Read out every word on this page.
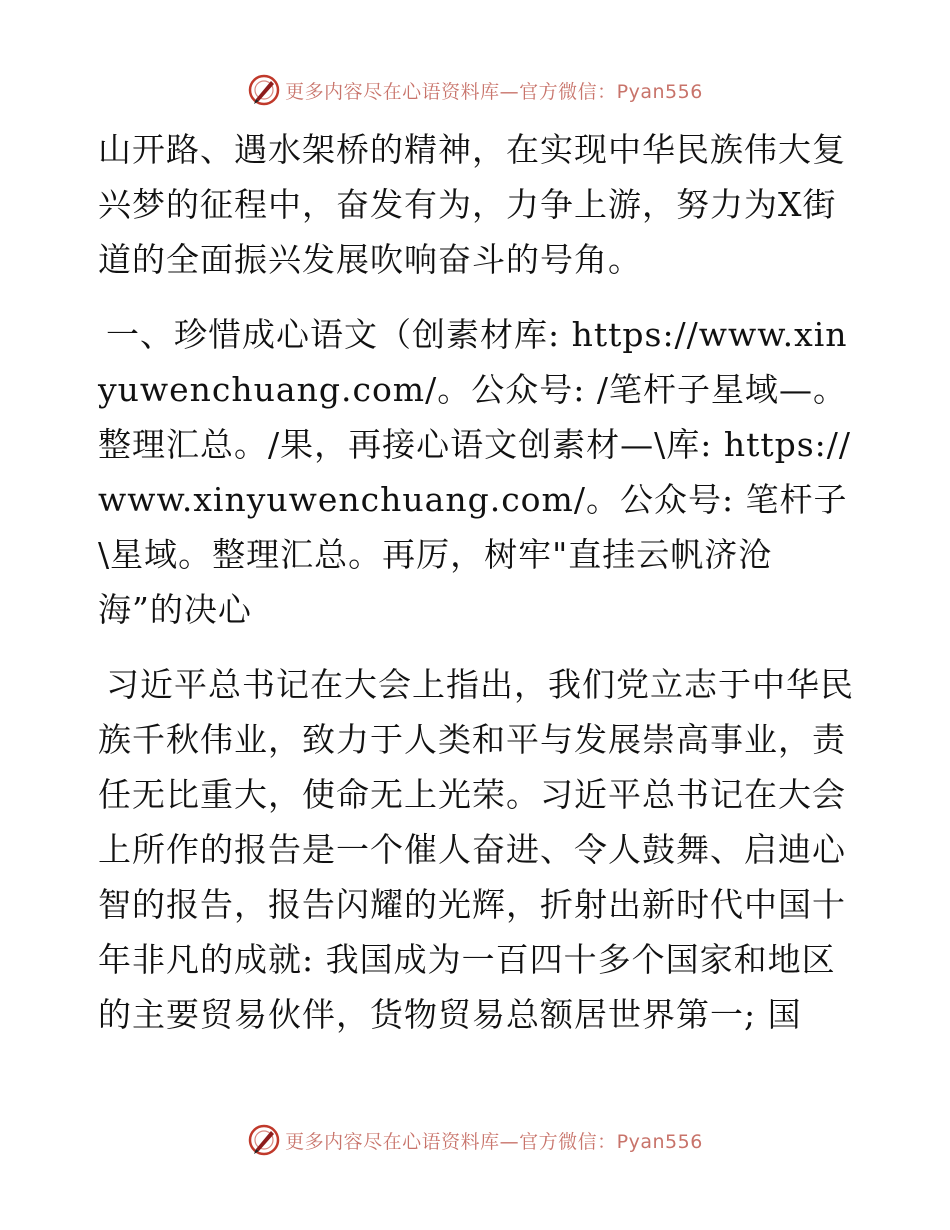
更多内容尽在心语资料库—官方微信：Pyan556

山开路、遇水架桥的精神，在实现中华民族伟大复兴梦的征程中，奋发有为，力争上游，努力为X街道的全面振兴发展吹响奋斗的号角。

一、珍惜成心语文（创素材库: https://www.xinyuwenchuang.com/。公众号: /笔杆子星域—。整理汇总。/果，再接心语文创素材—\库: https://www.xinyuwenchuang.com/。公众号: 笔杆子\星域。整理汇总。再厉，树牢"直挂云帆济沧海”的决心

习近平总书记在大会上指出，我们党立志于中华民族千秋伟业，致力于人类和平与发展崇高事业，责任无比重大，使命无上光荣。习近平总书记在大会上所作的报告是一个催人奋进、令人鼓舞、启迪心智的报告，报告闪耀的光辉，折射出新时代中国十年非凡的成就: 我国成为一百四十多个国家和地区的主要贸易伙伴，货物贸易总额居世界第一; 国

更多内容尽在心语资料库—官方微信：Pyan556
